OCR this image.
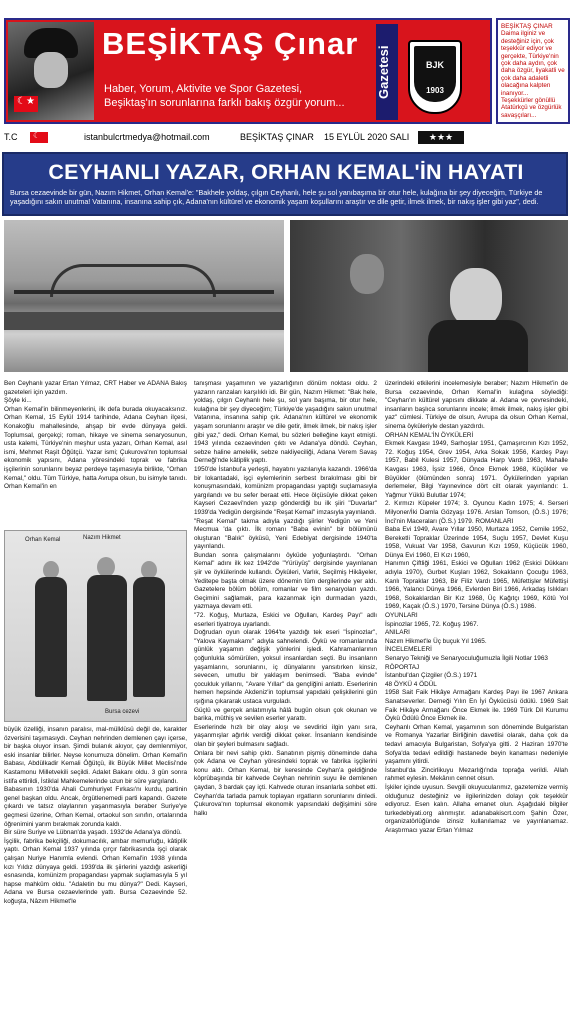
☾★
BEŞİKTAŞ Çınar
Haber, Yorum, Aktivite ve Spor Gazetesi,
Beşiktaş'ın sorunlarına farklı bakış özgür yorum...
Gazetesi	BJK
1903
BEŞİKTAŞ ÇINAR
Daima ilginiz ve desteğiniz için, çok teşekkür ediyor ve gerçekte, Türkiye'nin çok daha aydın, çok daha özgür, liyakatli ve çok daha adaletli olacağına kalpten inanıyor...
Teşekkürler gönüllü Atatürkçü ve özgürlük savaşçıları...
T.C
☾	istanbulcrtmedya@hotmail.com	BEŞİKTAŞ ÇINAR 15 EYLÜL 2020 SALI	★★★
CEYHANLI YAZAR, ORHAN KEMAL'İN HAYATI
Bursa cezaevinde bir gün, Nazım Hikmet, Orhan Kemal'e: "Bakhele yoldaş, çılgın Ceyhanlı, hele şu sol yanıbaşıma bir otur hele, kulağına bir şey diyeceğim, Türkiye de yaşadığını sakın unutma! Vatanına, insanına sahip çık, Adana'nın kültürel ve ekonomik yaşam koşullarını araştır ve dile getir, ilmek ilmek, bir nakış işler gibi yaz", dedi.
Ben Ceyhanlı yazar Ertan Yılmaz, CRT Haber ve ADANA Bakış gazeteleri için yazdım.
Şöyle ki...
Orhan Kemal'in bilinmeyenlerini, ilk defa burada okuyacaksınız. Orhan Kemal, 15 Eylül 1914 tarihinde, Adana Ceyhan ilçesi, Konakoğlu mahallesinde, ahşap bir evde dünyaya geldi. Toplumsal, gerçekçi; roman, hikaye ve sinema senaryosunun, usta kalemi, Türkiye'nin meşhur usta yazarı, Orhan Kemal, asıl ismi, Mehmet Raşit Öğütçü. Yazar ismi; Çukurova'nın toplumsal ekonomik yapısını, Adana yöresindeki toprak ve fabrika işçilerinin sorunlarını beyaz perdeye taşımasıyla birlikte, "Orhan Kemal," oldu. Tüm Türkiye, hatta Avrupa olsun, bu isimyle tanıdı. Orhan Kemal'in en
Orhan Kemal	Nazım Hikmet
Bursa cezevi
büyük özelliği, insanın paralısı, mal-mülklüsü değil de, karakter özverisini taşımasıydı. Ceyhan nehrinden demlenen çayı içerse, bir başka oluyor insan. Şimdi bulanık akıyor, çay demlenmiyor, eski insanlar bilirler. Neyse konumuza dönelim. Orhan Kemal'in Babası, Abdülkadir Kemali Öğütçü, ilk Büyük Millet Meclisi'nde Kastamonu Milletvekili seçildi. Adalet Bakanı oldu. 3 gün sonra istifa ettirildi, İstiklal Mahkemelerinde uzun bir süre yargılandı.
Babasının 1930'da Ahali Cumhuriyet Fırkası'nı kurdu, partinin genel başkan oldu. Ancak, örgütlenemedi parti kapandı. Gazete çıkardı ve tatsız olaylarının yaşanmasıyla beraber Suriye'ye geçmesi üzerine, Orhan Kemal, ortaokul son sınıfın, ortalarında öğrenimini yarım bırakmak zorunda kaldı.
Bir süre Suriye ve Lübnan'da yaşadı. 1932'de Adana'ya döndü.
İşçilik, fabrika bekçiliği, dokumacılık, ambar memurluğu, kâtiplik yaptı. Orhan Kemal 1937 yılında çırçır fabrikasında işçi olarak çalışan Nuriye Hanımla evlendi. Orhan Kemal'in 1938 yılında kızı Yıldız dünyaya geldi. 1939'da ilk şiirlerini yazdığı askerliği esnasında, komünizm propagandası yapmak suçlamasıyla 5 yıl hapse mahkûm oldu. "Adaletin bu mu dünya?" Dedi. Kayseri, Adana ve Bursa cezaevlerinde yattı. Bursa Cezaevinde 52. koğuşta, Nâzım Hikmet'le
tanışması yaşamının ve yazarlığının dönüm noktası oldu. 2 yazarın ranzaları karşılıklı idi. Bir gün, Nazım Hikmet: "Bak hele, yoldaş, çılgın Ceyhanlı hele şu, sol yanı başıma, bir otur hele, kulağına bir şey diyeceğim; Türkiye'de yaşadığını sakın unutma! Vatanına, insanına sahip çık. Adana'nın kültürel ve ekonomik yaşam sorunlarını araştır ve dile getir, ilmek ilmek, bir nakış işler gibi yaz," dedi. Orhan Kemal, bu sözleri belleğine kayıt etmişti. 1943 yılında cezaevinden çıktı ve Adana'ya döndü. Ceyhan, sebze haline amelelik, sebze nakliyeciliği, Adana Verem Savaş Derneği'nde kâtiplik yaptı.
1950'de İstanbul'a yerleşti, hayatını yazılarıyla kazandı. 1966'da bir lokantadaki, işçi eylemlerinin serbest bırakılması gibi bir konuşmasındaki, komünizm propagandası yaptığı suçlamasıyla yargılandı ve bu sefer beraat etti. Hece ölçüsüyle dikkat çeken Kayseri Cezaevi'nden yazıp gönderdiği bu ilk şiiri "Duvarlar" 1939'da Yedigün dergisinde "Reşat Kemal" imzasıyla yayınlandı.
"Reşat Kemal" takma adıyla yazdığı şiirler Yedigün ve Yeni Mecmua 'da çıktı. İlk romanı "Baba evinin" bir bölümünü oluşturan "Balık" öyküsü, Yeni Edebiyat dergisinde 1940'ta yayınlandı.
Bundan sonra çalışmalarını öyküde yoğunlaştırdı. "Orhan Kemal" adını ilk kez 1942'de "Yürüyüş" dergisinde yayınlanan şiir ve öykülerinde kullandı. Öyküleri, Varlık, Seçilmiş Hikâyeler, Yeditepe başta olmak üzere dönemin tüm dergilerinde yer aldı. Gazetelere bölüm bölüm, romanlar ve film senaryoları yazdı. Geçimini sağlamak, para kazanmak için durmadan yazdı, yazmaya devam etti.
"72. Koğuş, Murtaza, Eskici ve Oğulları, Kardeş Payı" adlı eserleri tiyatroya uyarlandı.
Doğrudan oyun olarak 1964'te yazdığı tek eseri "İspinozlar", "Yalova Kaymakamı" adıyla sahnelendi. Öykü ve romanlarında günlük yaşamın değişik yönlerini işledi. Kahramanlarının çoğunlukla sömürülen, yoksul insanlardan seçti. Bu insanların yaşamlarını, sorunlarını, iç dünyalarını yansıtırken kinsiz, sevecen, umutlu bir yaklaşım benimsedi. "Baba evinde" çocukluk yıllarını, "Avare Yıllar" da gençliğini anlattı. Eserlerinin hemen hepsinde Akdeniz'in toplumsal yapıdaki çelişkilerini gün ışığına çıkararak ustaca vurguladı.
Güçlü ve gerçek anlatımıyla hâlâ bugün olsun çok okunan ve barika, müthiş ve sevilen eserler yarattı.
Eserlerinde hızlı bir olay akışı ve sevdirici ilgin yanı sıra, yaşanmışlar ağırlık verdiği dikkat çeker. İnsanların kendisinde olan bir şeyleri bulmasını sağladı.
Onlara bir nevi sahip çıktı. Sanatının pişmiş döneminde daha çok Adana ve Ceyhan yöresindeki toprak ve fabrika işçilerini konu aldı. Orhan Kemal, bir keresinde Ceyhan'a geldiğinde köprübaşında bir kahvede Ceyhan nehrinin suyu ile demlenen çaydan, 3 bardak çay içti. Kahvede oturan insanlarla sohbet etti. Ceyhan'da tarlada pamuk toplayan ırgatların sorunlarını dinledi. Çukurova'nın toplumsal ekonomik yapısındaki değişimini söre halkı
üzerindeki etkilerini incelemesiyle beraber; Nazım Hikmet'in de Bursa cezaevinde, Orhan Kemal'in kulağına söylediği: "Ceyhan'ın kültürel yapısını dikkate al. Adana ve çevresindeki, insanların başlıca sorunlarını incele; ilmek ilmek, nakış işler gibi yaz" cümlesi. Türkiye de olsun, Avrupa da olsun Orhan Kemal, sinema öyküleriyle destan yazdırdı.
ORHAN KEMAL'İN ÖYKÜLERİ
Ekmek Kavgası 1949, Sarhoşlar 1951, Çamaşırcının Kızı 1952, 72. Koğuş 1954, Grev 1954, Arka Sokak 1956, Kardeş Payı 1957, Babil Kulesi 1957, Dünyada Harp Vardı 1963, Mahalle Kavgası 1963, İşsiz 1966, Önce Ekmek 1968, Küçükler ve Büyükler (ölümünden sonra) 1971. Öykülerinden yapılan derlemeler, Bilgi Yayınevince dört cilt olarak yayınlandı: 1. Yağmur Yüklü Bulutlar 1974;
2. Kırmızı Küpeler 1974; 3. Oyuncu Kadın 1975; 4. Serseri Milyoner/İki Damla Gözyaşı 1976. Arslan Tomson, (Ö.S.) 1976; İncî'nin Maceraları (Ö.S.) 1979. ROMANLARI
Baba Evi 1949, Avare Yıllar 1950, Murtaza 1952, Cemile 1952, Bereketli Topraklar Üzerinde 1954, Suçlu 1957, Devlet Kuşu 1958, Vukuat Var 1958, Gavurun Kızı 1959, Küçücük 1960, Dünya Evi 1960, El Kızı 1960,
Hanımın Çiftliği 1961, Eskici ve Oğulları 1962 (Eskici Dükkanı adıyla 1970), Gurbet Kuşları 1962, Sokakların Çocuğu 1963, Kanlı Topraklar 1963, Bir Filiz Vardı 1965, Müfettişler Müfettişi 1966, Yalancı Dünya 1966, Evlerden Biri 1966, Arkadaş Islıkları 1968, Sokaklardan Bir Kız 1968, Üç Kağıtçı 1969, Kötü Yol 1969, Kaçak (Ö.S.) 1970, Tersine Dünya (Ö.S.) 1986.
OYUNLARI
İspinozlar 1965, 72. Koğuş 1967.
ANILARI
Nazım Hikmet'le Üç buçuk Yıl 1965.
İNCELEMELERİ
Senaryo Tekniği ve Senaryoculuğumuzla İlgili Notlar 1963
RÖPORTAJ
İstanbul'dan Çizgiler (Ö.S.) 1971
48 ÖYKÜ 4 ÖDÜL
1958 Sait Faik Hikâye Armağanı Kardeş Payı ile 1967 Ankara Sanatseverler. Derneği Yılın En İyi Öykücüsü ödülü. 1969 Sait Faik Hikâye Armağanı Önce Ekmek ile. 1969 Türk Dil Kurumu Öykü Ödülü Önce Ekmek ile.
Ceyhanlı Orhan Kemal, yaşamının son döneminde Bulgaristan ve Romanya Yazarlar Birliğinin davetlisi olarak, daha çok da tedavi amacıyla Bulgaristan, Sofya'ya gitti. 2 Haziran 1970'te Sofya'da tedavi edildiği hastanede beyin kanaması nedeniyle yaşamını yitirdi.
İstanbul'da Zincirlikuyu Mezarlığı'nda toprağa verildi. Allah rahmet eylesin. Mekânın cennet olsun.
İşkiler içinde uyusun. Sevgili okuyucularımız, gazetemize vermiş olduğunuz desteğiniz ve ilgilerinizden dolayı çok teşekkür ediyoruz. Esen kalın. Allaha emanet olun. Aşağıdaki bilgiler turkedebiyati.org alınmıştır. adanabakiscrt.com Şahin Özer, organizatörlüğünde izinsiz kullanılamaz ve yayınlanamaz. Araştırmacı yazar Ertan Yılmaz
